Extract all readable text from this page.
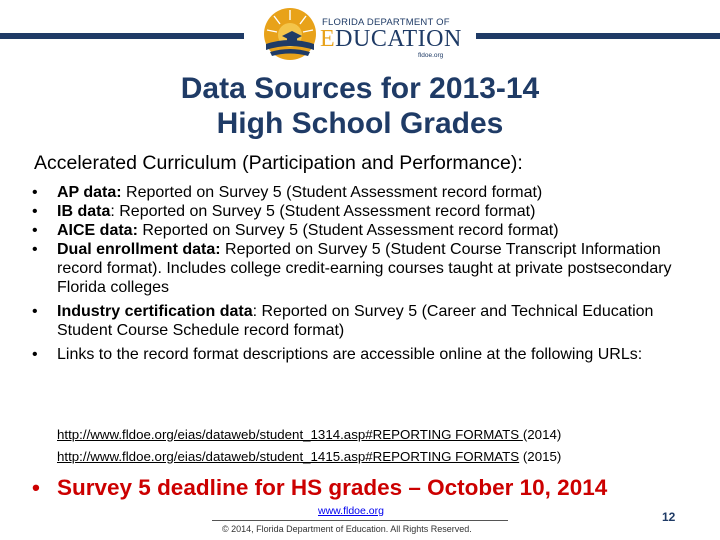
FLORIDA DEPARTMENT OF
EDUCATION
fldoe.org
Data Sources for 2013-14
High School Grades
Accelerated Curriculum (Participation and Performance):
• AP data: Reported on Survey 5 (Student Assessment record format)
• IB data: Reported on Survey 5 (Student Assessment record format)
• AICE data: Reported on Survey 5 (Student Assessment record format)
• Dual enrollment data: Reported on Survey 5 (Student Course Transcript Information record format). Includes college credit-earning courses taught at private postsecondary Florida colleges
• Industry certification data: Reported on Survey 5 (Career and Technical Education Student Course Schedule record format)
• Links to the record format descriptions are accessible online at the following URLs:
http://www.fldoe.org/eias/dataweb/student_1314.asp#REPORTING FORMATS (2014)
http://www.fldoe.org/eias/dataweb/student_1415.asp#REPORTING FORMATS (2015)
• Survey 5 deadline for HS grades – October 10, 2014
www.fldoe.org
© 2014, Florida Department of Education. All Rights Reserved.
12
